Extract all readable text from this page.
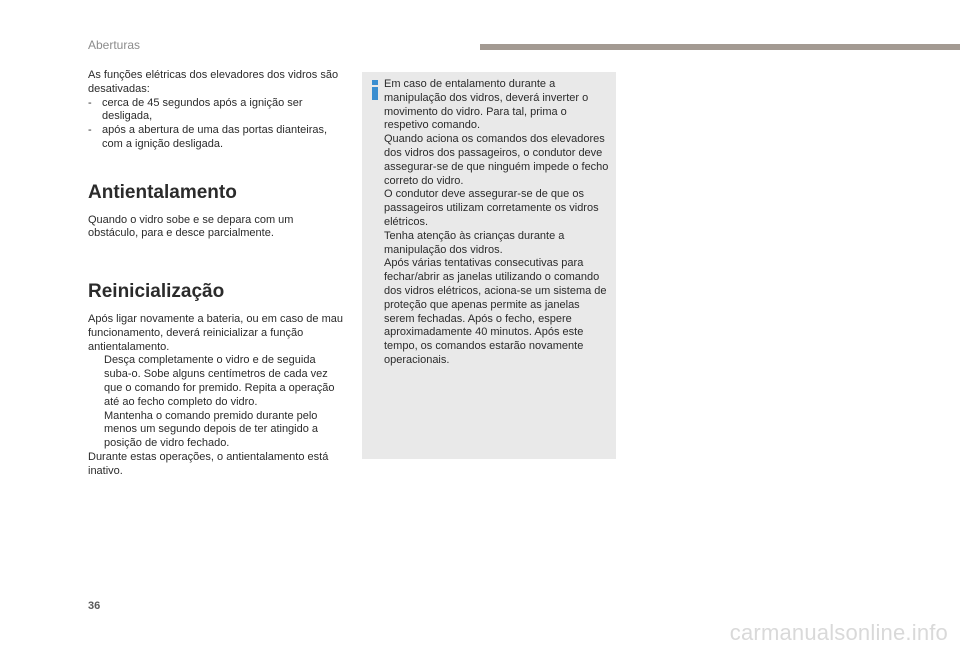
Aberturas

As funções elétricas dos elevadores dos vidros são desativadas:

- cerca de 45 segundos após a ignição ser desligada,
- após a abertura de uma das portas dianteiras, com a ignição desligada.
Antientalamento

Quando o vidro sobe e se depara com um obstáculo, para e desce parcialmente.

Reinicialização

Após ligar novamente a bateria, ou em caso de mau funcionamento, deverá reinicializar a função antientalamento.

Desça completamente o vidro e de seguida suba-o. Sobe alguns centímetros de cada vez que o comando for premido. Repita a operação até ao fecho completo do vidro.
Mantenha o comando premido durante pelo menos um segundo depois de ter atingido a posição de vidro fechado.

Durante estas operações, o antientalamento está inativo.

Em caso de entalamento durante a manipulação dos vidros, deverá inverter o movimento do vidro. Para tal, prima o respetivo comando.

Quando aciona os comandos dos elevadores dos vidros dos passageiros, o condutor deve assegurar-se de que ninguém impede o fecho correto do vidro.

O condutor deve assegurar-se de que os passageiros utilizam corretamente os vidros elétricos.

Tenha atenção às crianças durante a manipulação dos vidros.

Após várias tentativas consecutivas para fechar/abrir as janelas utilizando o comando dos vidros elétricos, aciona-se um sistema de proteção que apenas permite as janelas serem fechadas. Após o fecho, espere aproximadamente 40 minutos. Após este tempo, os comandos estarão novamente operacionais.

36
carmanualsonline.info
